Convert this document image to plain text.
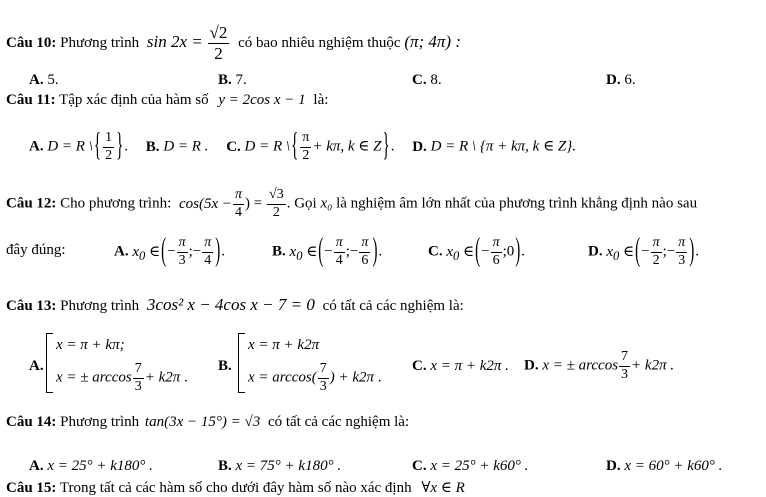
Câu 10: Phương trình $\sin 2x = \frac{√2}{2}$ có bao nhiêu nghiệm thuộc (π; 4π) :
A. 5.	B. 7.	C. 8.	D. 6.
Câu 11: Tập xác định của hàm số y = 2cos x − 1 là:
A. D = R \{ $\frac{1}{2}$ }. B. D = R . C. D = R \{ $\frac{\pi}{2} + k\pi$, k ∈ Z}. D. D = R \ {π + kπ, k ∈ Z}.
Câu 12: Cho phương trình: $\cos(5x - \frac{\pi}{4}$ ) = $\frac{√3}{2}$ . Gọi x₀ là nghiệm âm lớn nhất của phương trình khẳng định nào sau
đây đúng:	A. $x_0$ ∈(− $\frac{\pi}{3}$ ;− $\frac{\pi}{4}$ ).	B. $x_0$ ∈(− $\frac{\pi}{4}$ ;− $\frac{\pi}{6}$ ).	C. $x_0$ ∈(− $\frac{\pi}{6}$ ;0).	D. $x_0$ ∈(− $\frac{\pi}{2}$ ;− $\frac{\pi}{3}$ ).
Câu 13: Phương trình 3cos² x − 4cos x − 7 = 0 có tất cả các nghiệm là:
A.
x = π + kπ;
x = ± $\arccos \frac{7}{3} + k2\pi$ .
B.
x = π + k2π
$x = \arccos( \frac{7}{3}$ ) + k2π .
C. x = π + k2π . D. x = ± $\arccos \frac{7}{3} + k2\pi$ .
Câu 14: Phương trình tan(3x − 15°) = √3 có tất cả các nghiệm là:
A. x = 25° + k180° .	B. x = 75° + k180° .	C. x = 25° + k60° .	D. x = 60° + k60° .
Câu 15: Trong tất cả các hàm số cho dưới đây hàm số nào xác định ∀x ∈ R
